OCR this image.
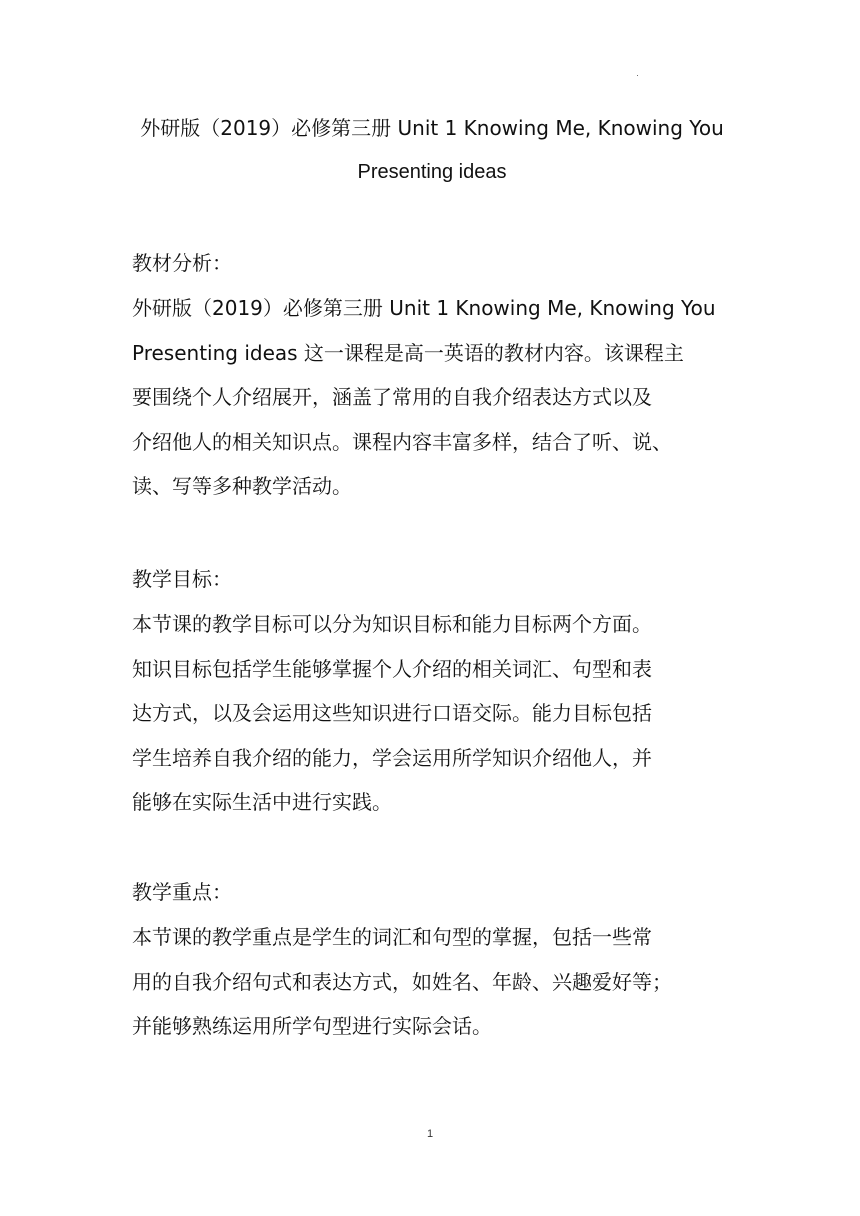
·
外研版（2019）必修第三册 Unit 1 Knowing Me, Knowing You
Presenting ideas
教材分析：
外研版（2019）必修第三册 Unit 1 Knowing Me, Knowing You
Presenting ideas 这一课程是高一英语的教材内容。该课程主
要围绕个人介绍展开，涵盖了常用的自我介绍表达方式以及
介绍他人的相关知识点。课程内容丰富多样，结合了听、说、
读、写等多种教学活动。
教学目标：
本节课的教学目标可以分为知识目标和能力目标两个方面。
知识目标包括学生能够掌握个人介绍的相关词汇、句型和表
达方式，以及会运用这些知识进行口语交际。能力目标包括
学生培养自我介绍的能力，学会运用所学知识介绍他人，并
能够在实际生活中进行实践。
教学重点：
本节课的教学重点是学生的词汇和句型的掌握，包括一些常
用的自我介绍句式和表达方式，如姓名、年龄、兴趣爱好等；
并能够熟练运用所学句型进行实际会话。
1
